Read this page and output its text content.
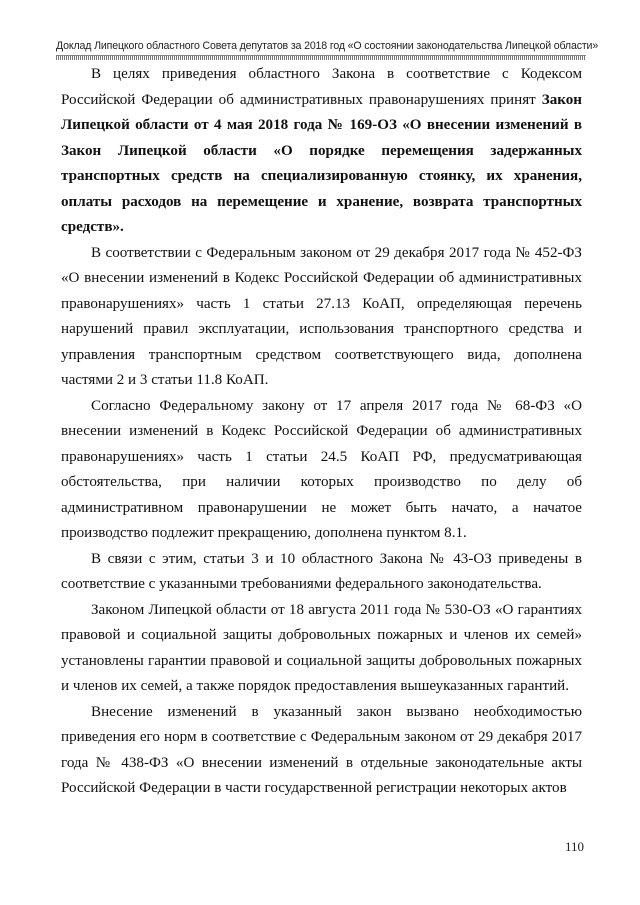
Доклад Липецкого областного Совета депутатов за 2018 год «О состоянии законодательства Липецкой области»

В целях приведения областного Закона в соответствие с Кодексом Российской Федерации об административных правонарушениях принят Закон Липецкой области от 4 мая 2018 года № 169-ОЗ «О внесении изменений в Закон Липецкой области «О порядке перемещения задержанных транспортных средств на специализированную стоянку, их хранения, оплаты расходов на перемещение и хранение, возврата транспортных средств».

В соответствии с Федеральным законом от 29 декабря 2017 года № 452-ФЗ «О внесении изменений в Кодекс Российской Федерации об административных правонарушениях» часть 1 статьи 27.13 КоАП, определяющая перечень нарушений правил эксплуатации, использования транспортного средства и управления транспортным средством соответствующего вида, дополнена частями 2 и 3 статьи 11.8 КоАП.

Согласно Федеральному закону от 17 апреля 2017 года № 68-ФЗ «О внесении изменений в Кодекс Российской Федерации об административных правонарушениях» часть 1 статьи 24.5 КоАП РФ, предусматривающая обстоятельства, при наличии которых производство по делу об административном правонарушении не может быть начато, а начатое производство подлежит прекращению, дополнена пунктом 8.1.

В связи с этим, статьи 3 и 10 областного Закона № 43-ОЗ приведены в соответствие с указанными требованиями федерального законодательства.

Законом Липецкой области от 18 августа 2011 года № 530-ОЗ «О гарантиях правовой и социальной защиты добровольных пожарных и членов их семей» установлены гарантии правовой и социальной защиты добровольных пожарных и членов их семей, а также порядок предоставления вышеуказанных гарантий.

Внесение изменений в указанный закон вызвано необходимостью приведения его норм в соответствие с Федеральным законом от 29 декабря 2017 года № 438-ФЗ «О внесении изменений в отдельные законодательные акты Российской Федерации в части государственной регистрации некоторых актов

110
